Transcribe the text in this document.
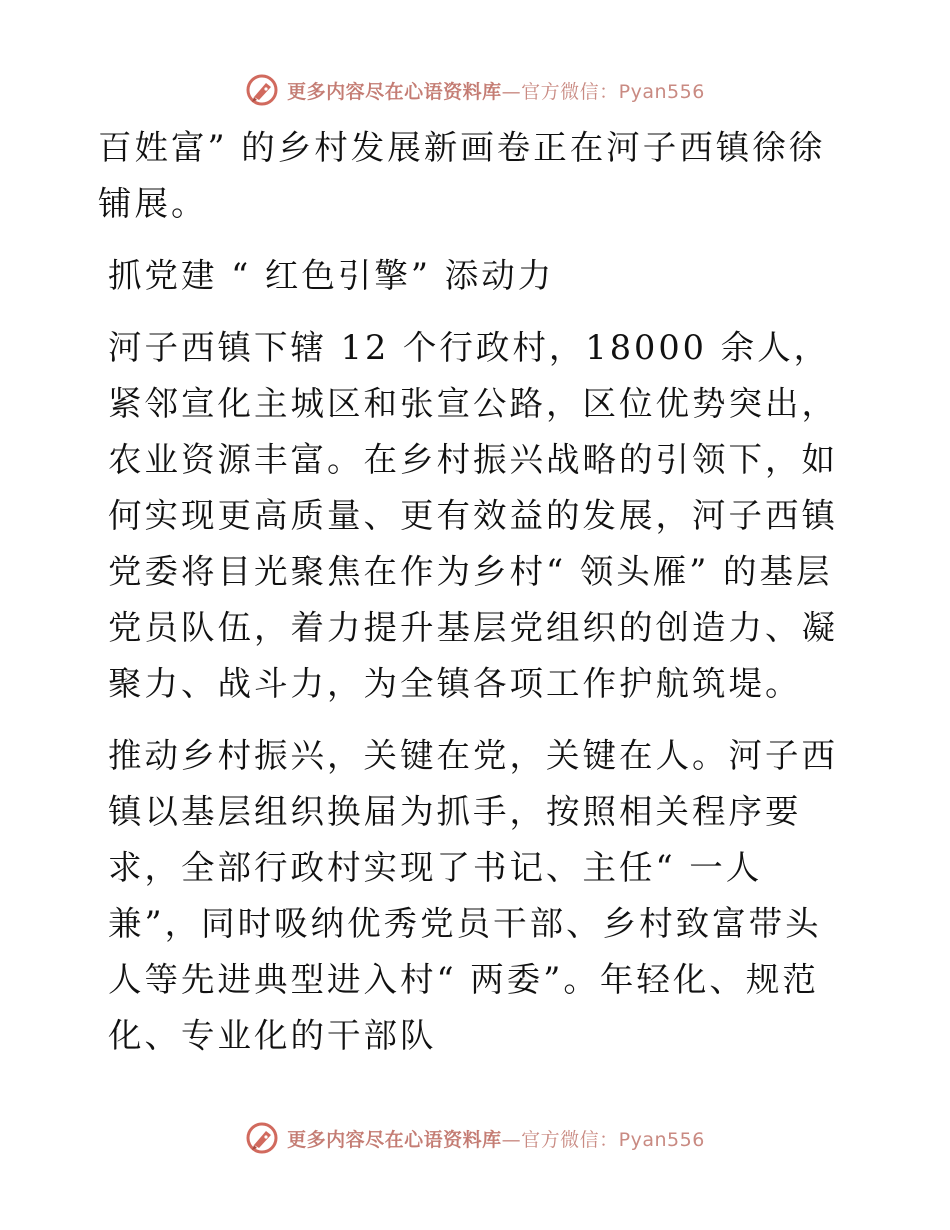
更多内容尽在心语资料库—官方微信：Pyan556

百姓富” 的乡村发展新画卷正在河子西镇徐徐铺展。

抓党建 “ 红色引擎” 添动力

河子西镇下辖 12 个行政村，18000 余人，紧邻宣化主城区和张宣公路，区位优势突出，农业资源丰富。在乡村振兴战略的引领下，如何实现更高质量、更有效益的发展，河子西镇党委将目光聚焦在作为乡村“ 领头雁” 的基层党员队伍，着力提升基层党组织的创造力、凝聚力、战斗力，为全镇各项工作护航筑堤。

推动乡村振兴，关键在党，关键在人。河子西镇以基层组织换届为抓手，按照相关程序要求，全部行政村实现了书记、主任“ 一人兼”，同时吸纳优秀党员干部、乡村致富带头人等先进典型进入村“ 两委”。年轻化、规范化、专业化的干部队

更多内容尽在心语资料库—官方微信：Pyan556
